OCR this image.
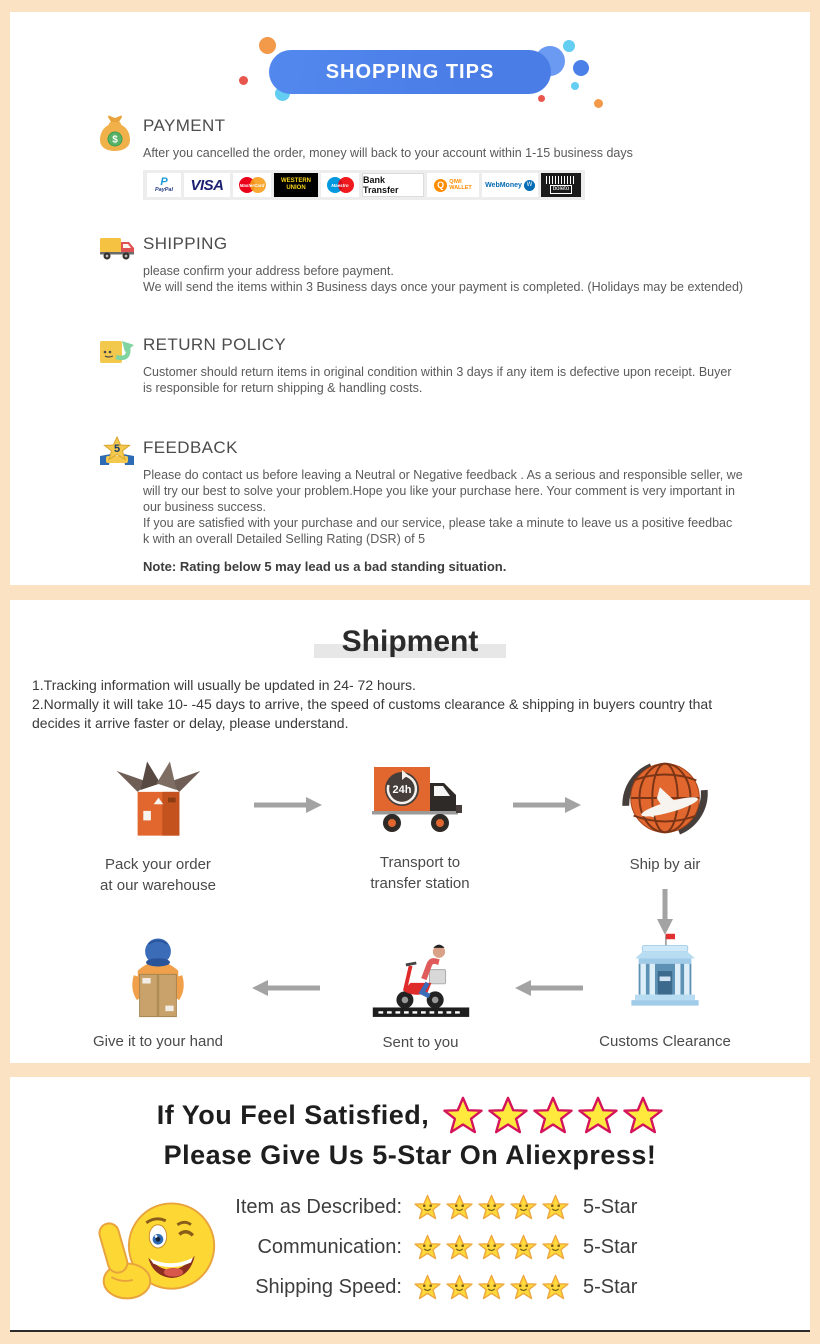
SHOPPING TIPS
$
PAYMENT
After you cancelled the order, money will back to your account within 1-15 business days
P
PayPal	VISA	MasterCard
WESTERN
UNION	Maestro	Bank Transfer	Q QIWI
WALLET WebMoney W
boleto
SHIPPING
please confirm your address before payment.
We will send the items within 3 Business days once your payment is completed. (Holidays may be extended)
RETURN POLICY
Customer should return items in original condition within 3 days if any item is defective upon receipt. Buyer
is responsible for return shipping & handling costs.
5 FEEDBACK
Please do contact us before leaving a Neutral or Negative feedback . As a serious and responsible seller, we
will try our best to solve your problem.Hope you like your purchase here. Your comment is very important in
our business success.
If you are satisfied with your purchase and our service, please take a minute to leave us a positive feedbac
k with an overall Detailed Selling Rating (DSR) of 5
Note: Rating below 5 may lead us a bad standing situation.
Shipment
1.Tracking information will usually be updated in 24- 72 hours.
2.Normally it will take 10- -45 days to arrive, the speed of customs clearance & shipping in buyers country that
decides it arrive faster or delay, please understand.
Pack your order
at our warehouse
24h
Transport to
transfer station
Ship by air
Give it to your hand	Sent to you	Customs Clearance
If You Feel Satisfied,
Please Give Us 5-Star On Aliexpress!
Item as Described:	5-Star
Communication:	5-Star
Shipping Speed:	5-Star
